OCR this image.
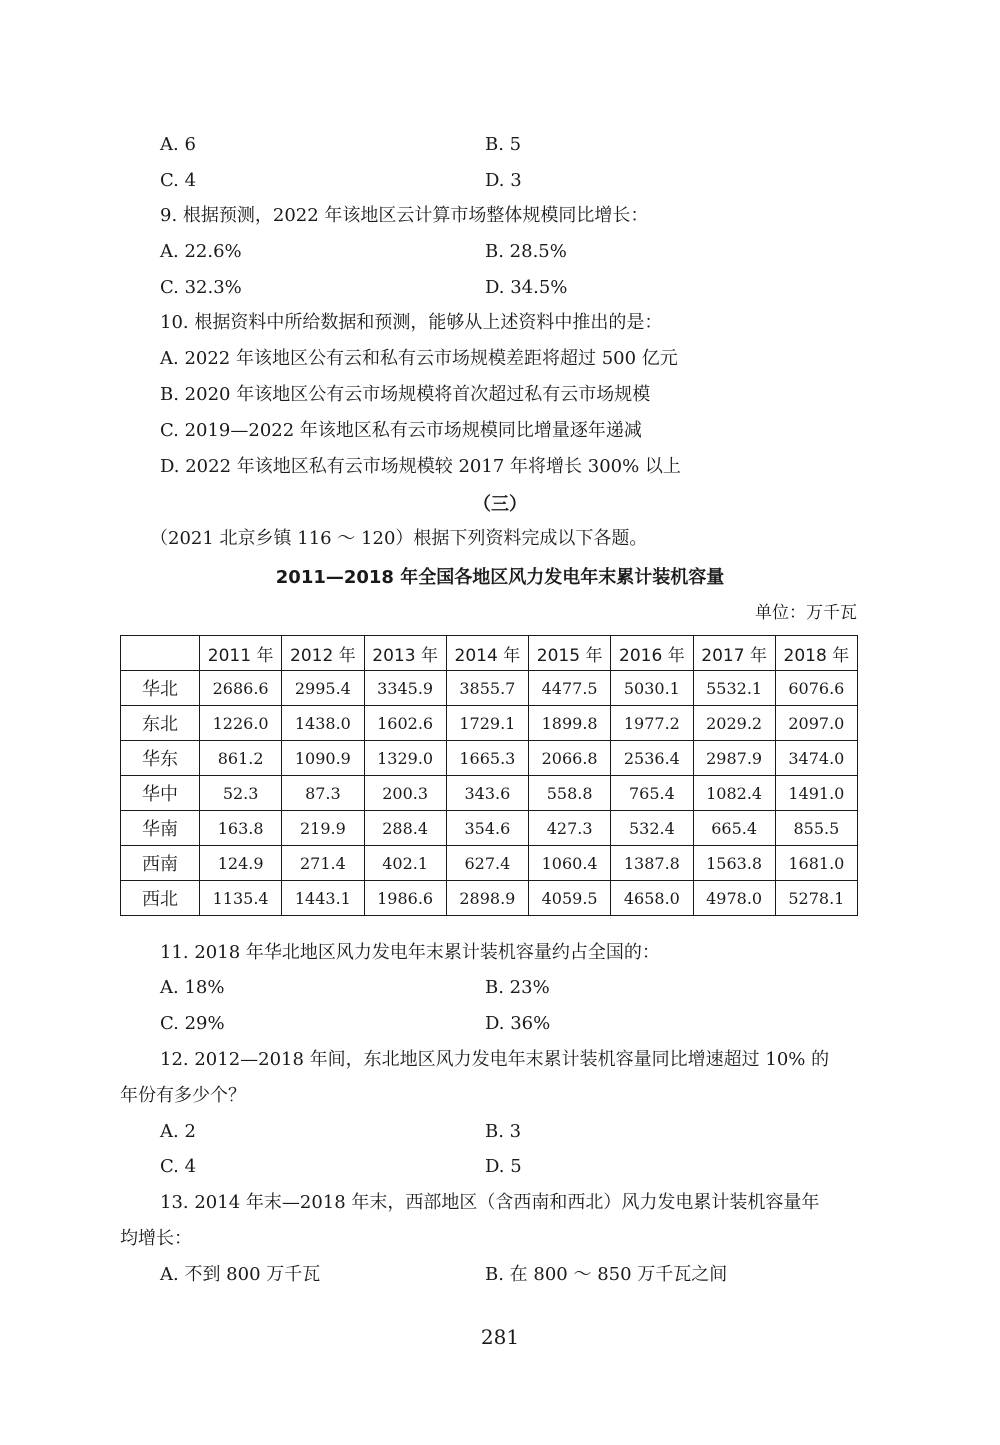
A. 6	B. 5
C. 4	D. 3
9. 根据预测，2022 年该地区云计算市场整体规模同比增长：
A. 22.6%	B. 28.5%
C. 32.3%	D. 34.5%
10. 根据资料中所给数据和预测，能够从上述资料中推出的是：
A. 2022 年该地区公有云和私有云市场规模差距将超过 500 亿元
B. 2020 年该地区公有云市场规模将首次超过私有云市场规模
C. 2019—2022 年该地区私有云市场规模同比增量逐年递减
D. 2022 年该地区私有云市场规模较 2017 年将增长 300% 以上
（三）
（2021 北京乡镇 116 ～ 120）根据下列资料完成以下各题。
2011—2018 年全国各地区风力发电年末累计装机容量
单位：万千瓦
	2011 年	2012 年	2013 年	2014 年	2015 年	2016 年	2017 年	2018 年
华北	2686.6	2995.4	3345.9	3855.7	4477.5	5030.1	5532.1	6076.6
东北	1226.0	1438.0	1602.6	1729.1	1899.8	1977.2	2029.2	2097.0
华东	861.2	1090.9	1329.0	1665.3	2066.8	2536.4	2987.9	3474.0
华中	52.3	87.3	200.3	343.6	558.8	765.4	1082.4	1491.0
华南	163.8	219.9	288.4	354.6	427.3	532.4	665.4	855.5
西南	124.9	271.4	402.1	627.4	1060.4	1387.8	1563.8	1681.0
西北	1135.4	1443.1	1986.6	2898.9	4059.5	4658.0	4978.0	5278.1
11. 2018 年华北地区风力发电年末累计装机容量约占全国的：
A. 18%	B. 23%
C. 29%	D. 36%
12. 2012—2018 年间，东北地区风力发电年末累计装机容量同比增速超过 10% 的
年份有多少个？
A. 2	B. 3
C. 4	D. 5
13. 2014 年末—2018 年末，西部地区（含西南和西北）风力发电累计装机容量年
均增长：
A. 不到 800 万千瓦	B. 在 800 ～ 850 万千瓦之间
281
